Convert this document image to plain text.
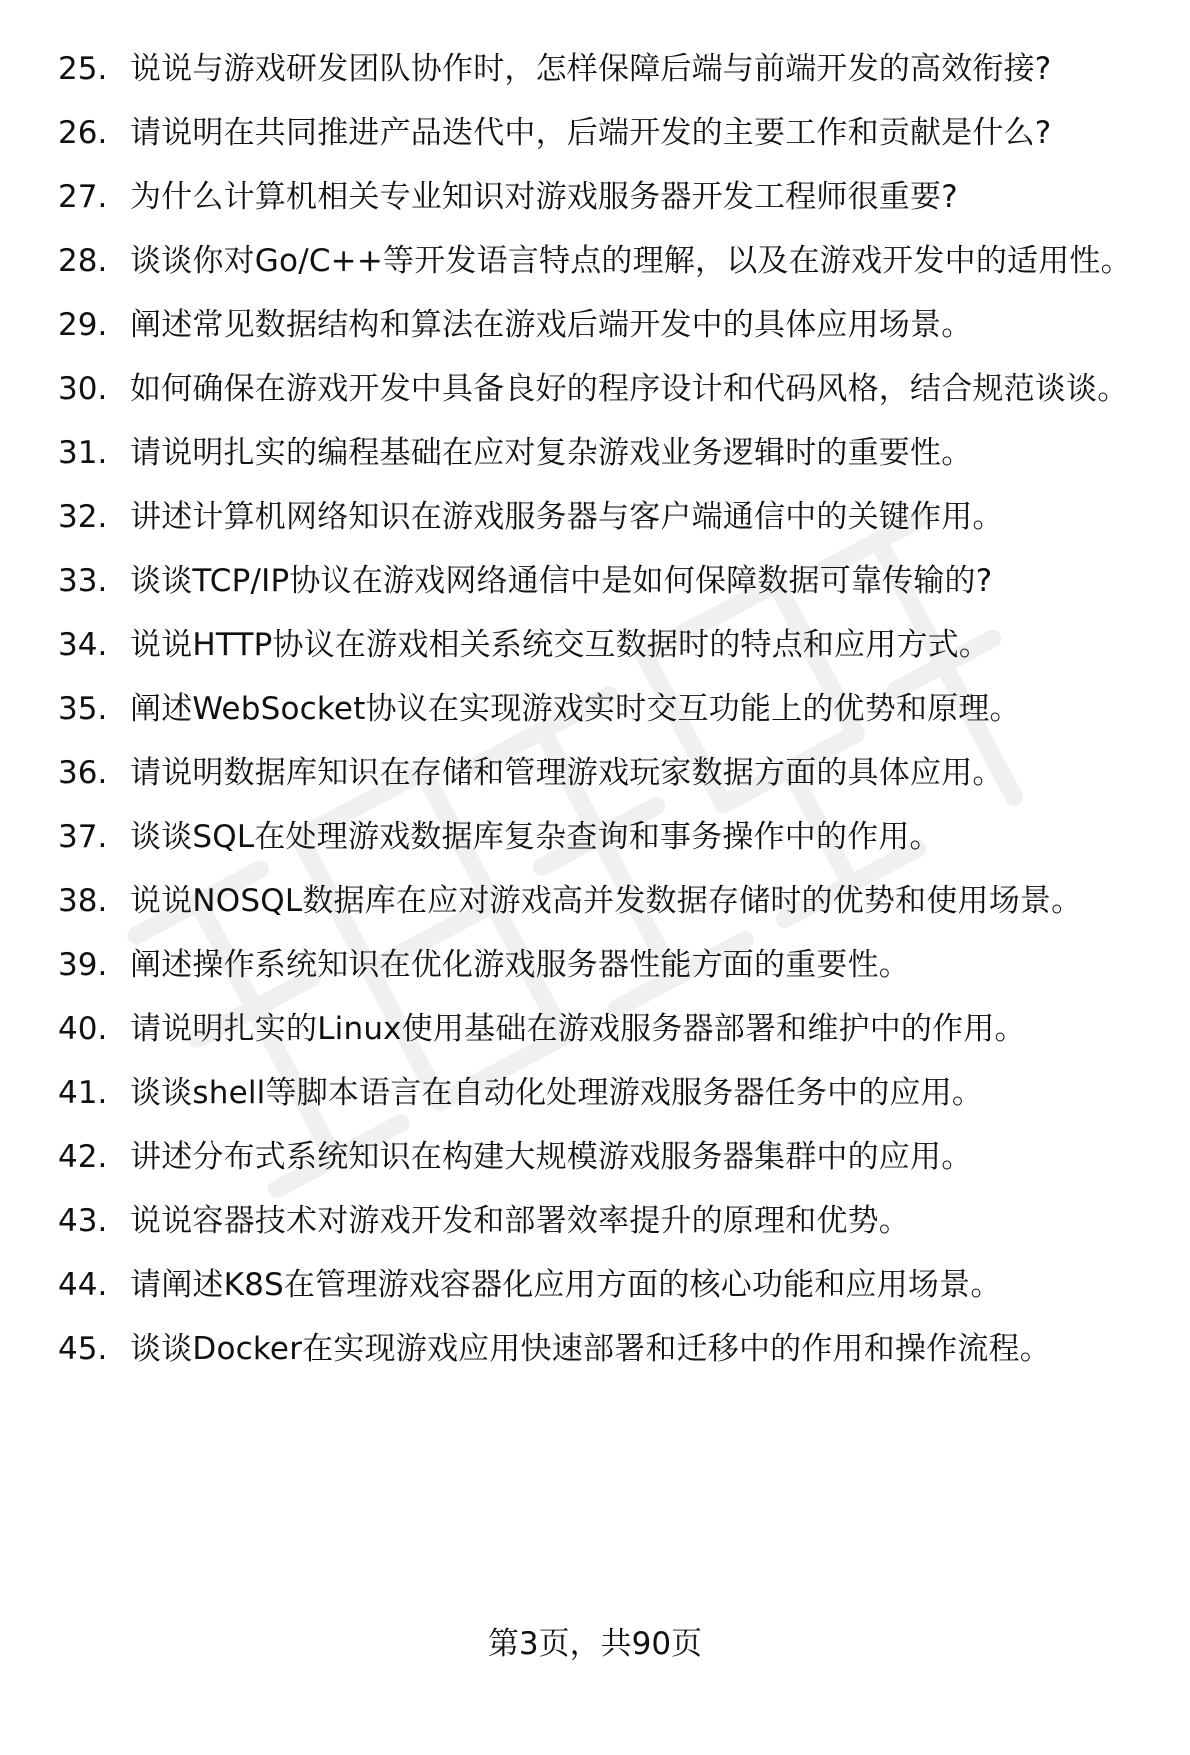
25. 说说与游戏研发团队协作时，怎样保障后端与前端开发的高效衔接?
26. 请说明在共同推进产品迭代中，后端开发的主要工作和贡献是什么?
27. 为什么计算机相关专业知识对游戏服务器开发工程师很重要?
28. 谈谈你对Go/C++等开发语言特点的理解，以及在游戏开发中的适用性。
29. 阐述常见数据结构和算法在游戏后端开发中的具体应用场景。
30. 如何确保在游戏开发中具备良好的程序设计和代码风格，结合规范谈谈。
31. 请说明扎实的编程基础在应对复杂游戏业务逻辑时的重要性。
32. 讲述计算机网络知识在游戏服务器与客户端通信中的关键作用。
33. 谈谈TCP/IP协议在游戏网络通信中是如何保障数据可靠传输的?
34. 说说HTTP协议在游戏相关系统交互数据时的特点和应用方式。
35. 阐述WebSocket协议在实现游戏实时交互功能上的优势和原理。
36. 请说明数据库知识在存储和管理游戏玩家数据方面的具体应用。
37. 谈谈SQL在处理游戏数据库复杂查询和事务操作中的作用。
38. 说说NOSQL数据库在应对游戏高并发数据存储时的优势和使用场景。
39. 阐述操作系统知识在优化游戏服务器性能方面的重要性。
40. 请说明扎实的Linux使用基础在游戏服务器部署和维护中的作用。
41. 谈谈shell等脚本语言在自动化处理游戏服务器任务中的应用。
42. 讲述分布式系统知识在构建大规模游戏服务器集群中的应用。
43. 说说容器技术对游戏开发和部署效率提升的原理和优势。
44. 请阐述K8S在管理游戏容器化应用方面的核心功能和应用场景。
45. 谈谈Docker在实现游戏应用快速部署和迁移中的作用和操作流程。
第3页，共90页
